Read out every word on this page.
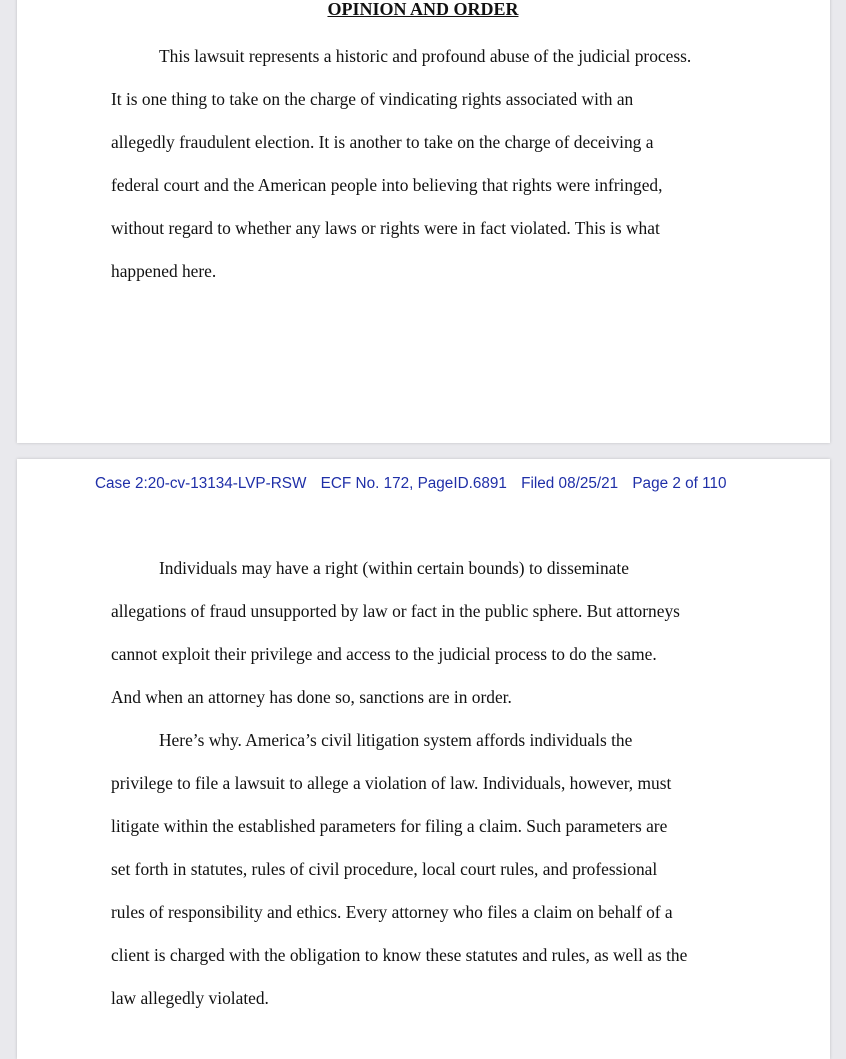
OPINION AND ORDER
This lawsuit represents a historic and profound abuse of the judicial process.
It is one thing to take on the charge of vindicating rights associated with an
allegedly fraudulent election. It is another to take on the charge of deceiving a
federal court and the American people into believing that rights were infringed,
without regard to whether any laws or rights were in fact violated. This is what
happened here.
Case 2:20-cv-13134-LVP-RSW ECF No. 172, PageID.6891 Filed 08/25/21 Page 2 of 110
Individuals may have a right (within certain bounds) to disseminate
allegations of fraud unsupported by law or fact in the public sphere. But attorneys
cannot exploit their privilege and access to the judicial process to do the same.
And when an attorney has done so, sanctions are in order.
Here’s why. America’s civil litigation system affords individuals the
privilege to file a lawsuit to allege a violation of law. Individuals, however, must
litigate within the established parameters for filing a claim. Such parameters are
set forth in statutes, rules of civil procedure, local court rules, and professional
rules of responsibility and ethics. Every attorney who files a claim on behalf of a
client is charged with the obligation to know these statutes and rules, as well as the
law allegedly violated.
